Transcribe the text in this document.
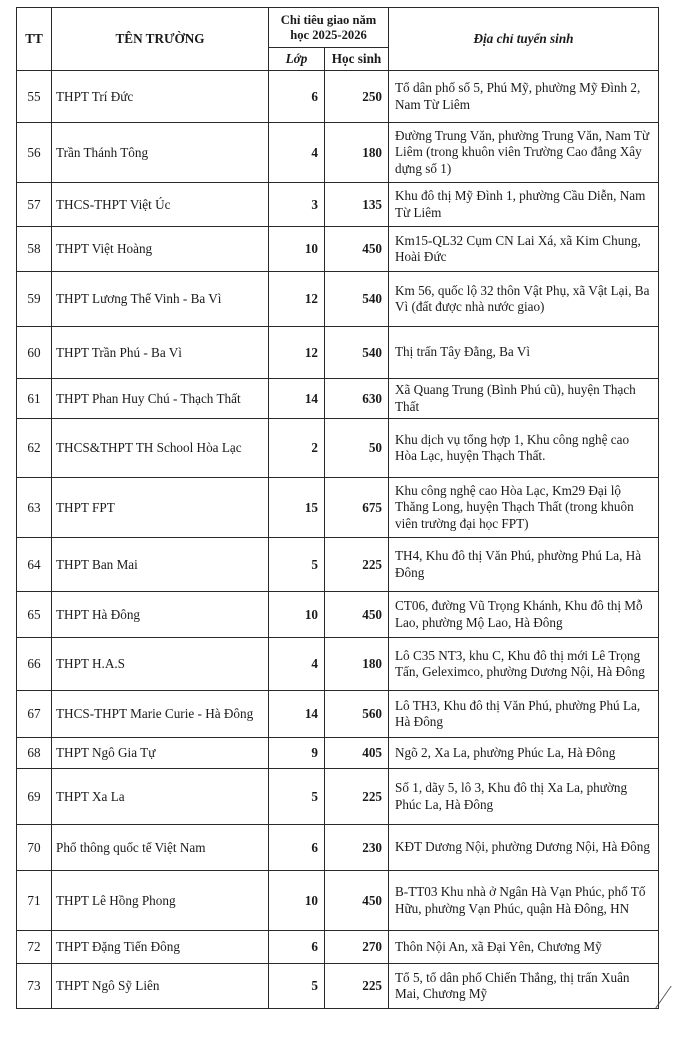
TT	TÊN TRƯỜNG	Chỉ tiêu giao năm học 2025-2026		Địa chỉ tuyển sinh
		Lớp	Học sinh	
55	THPT Trí Đức	6	250	Tổ dân phố số 5, Phú Mỹ, phường Mỹ Đình 2, Nam Từ Liêm
56	Trần Thánh Tông	4	180	Đường Trung Văn, phường Trung Văn, Nam Từ Liêm (trong khuôn viên Trường Cao đẳng Xây dựng số 1)
57	THCS-THPT Việt Úc	3	135	Khu đô thị Mỹ Đình 1, phường Cầu Diễn, Nam Từ Liêm
58	THPT Việt Hoàng	10	450	Km15-QL32 Cụm CN Lai Xá, xã Kim Chung, Hoài Đức
59	THPT Lương Thế Vinh - Ba Vì	12	540	Km 56, quốc lộ 32 thôn Vật Phụ, xã Vật Lại, Ba Vì (đất được nhà nước giao)
60	THPT Trần Phú - Ba Vì	12	540	Thị trấn Tây Đằng, Ba Vì
61	THPT Phan Huy Chú - Thạch Thất	14	630	Xã Quang Trung (Bình Phú cũ), huyện Thạch Thất
62	THCS&THPT TH School Hòa Lạc	2	50	Khu dịch vụ tổng hợp 1, Khu công nghệ cao Hòa Lạc, huyện Thạch Thất.
63	THPT FPT	15	675	Khu công nghệ cao Hòa Lạc, Km29 Đại lộ Thăng Long, huyện Thạch Thất (trong khuôn viên trường đại học FPT)
64	THPT Ban Mai	5	225	TH4, Khu đô thị Văn Phú, phường Phú La, Hà Đông
65	THPT Hà Đông	10	450	CT06, đường Vũ Trọng Khánh, Khu đô thị Mỗ Lao, phường Mộ Lao, Hà Đông
66	THPT H.A.S	4	180	Lô C35 NT3, khu C, Khu đô thị mới Lê Trọng Tấn, Geleximco, phường Dương Nội, Hà Đông
67	THCS-THPT Marie Curie - Hà Đông	14	560	Lô TH3, Khu đô thị Văn Phú, phường Phú La, Hà Đông
68	THPT Ngô Gia Tự	9	405	Ngõ 2, Xa La, phường Phúc La, Hà Đông
69	THPT Xa La	5	225	Số 1, dãy 5, lô 3, Khu đô thị Xa La, phường Phúc La, Hà Đông
70	Phổ thông quốc tế Việt Nam	6	230	KĐT Dương Nội, phường Dương Nội, Hà Đông
71	THPT Lê Hồng Phong	10	450	B-TT03 Khu nhà ở Ngân Hà Vạn Phúc, phố Tố Hữu, phường Vạn Phúc, quận Hà Đông, HN
72	THPT Đặng Tiến Đông	6	270	Thôn Nội An, xã Đại Yên, Chương Mỹ
73	THPT Ngô Sỹ Liên	5	225	Tổ 5, tổ dân phố Chiến Thắng, thị trấn Xuân Mai, Chương Mỹ
